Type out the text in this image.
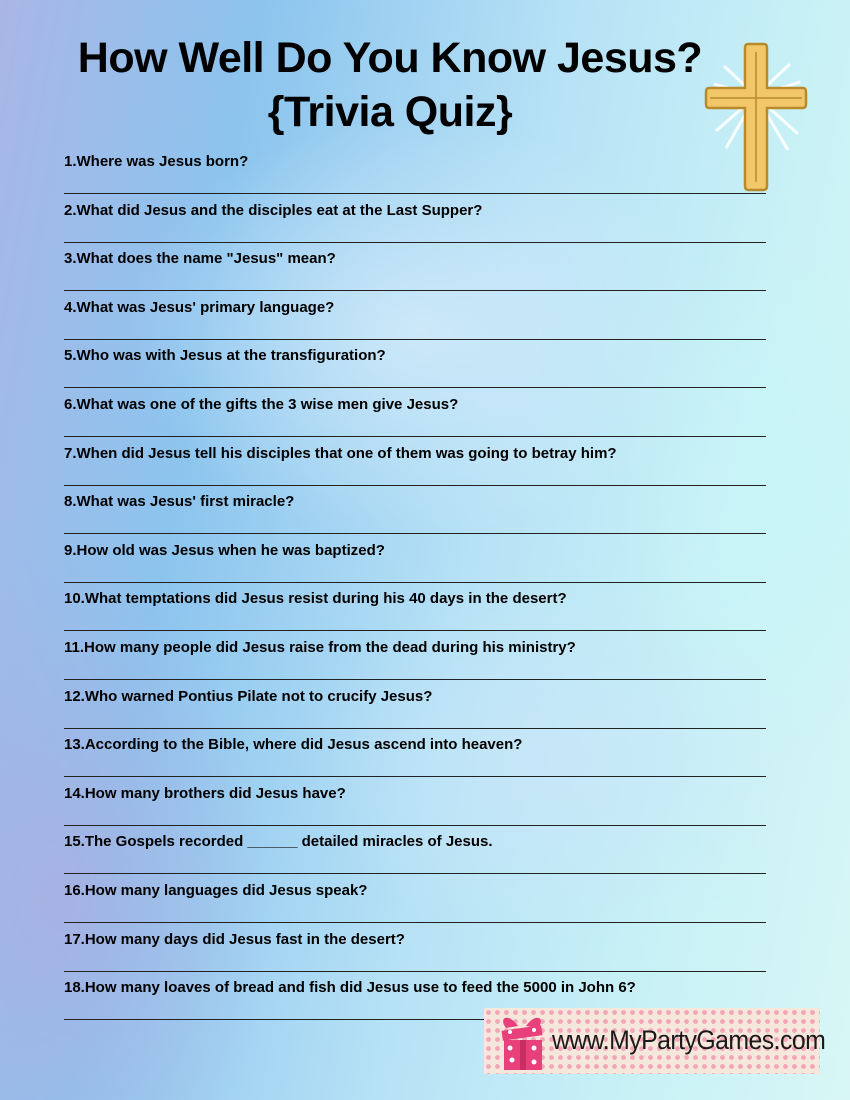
How Well Do You Know Jesus?
{Trivia Quiz}
1.Where was Jesus born?
2.What did Jesus and the disciples eat at the Last Supper?
3.What does the name "Jesus" mean?
4.What was Jesus' primary language?
5.Who was with Jesus at the transfiguration?
6.What was one of the gifts the 3 wise men give Jesus?
7.When did Jesus tell his disciples that one of them was going to betray him?
8.What was Jesus' first miracle?
9.How old was Jesus when he was baptized?
10.What temptations did Jesus resist during his 40 days in the desert?
11.How many people did Jesus raise from the dead during his ministry?
12.Who warned Pontius Pilate not to crucify Jesus?
13.According to the Bible, where did Jesus ascend into heaven?
14.How many brothers did Jesus have?
15.The Gospels recorded ______ detailed miracles of Jesus.
16.How many languages did Jesus speak?
17.How many days did Jesus fast in the desert?
18.How many loaves of bread and fish did Jesus use to feed the 5000 in John 6?
www.MyPartyGames.com
